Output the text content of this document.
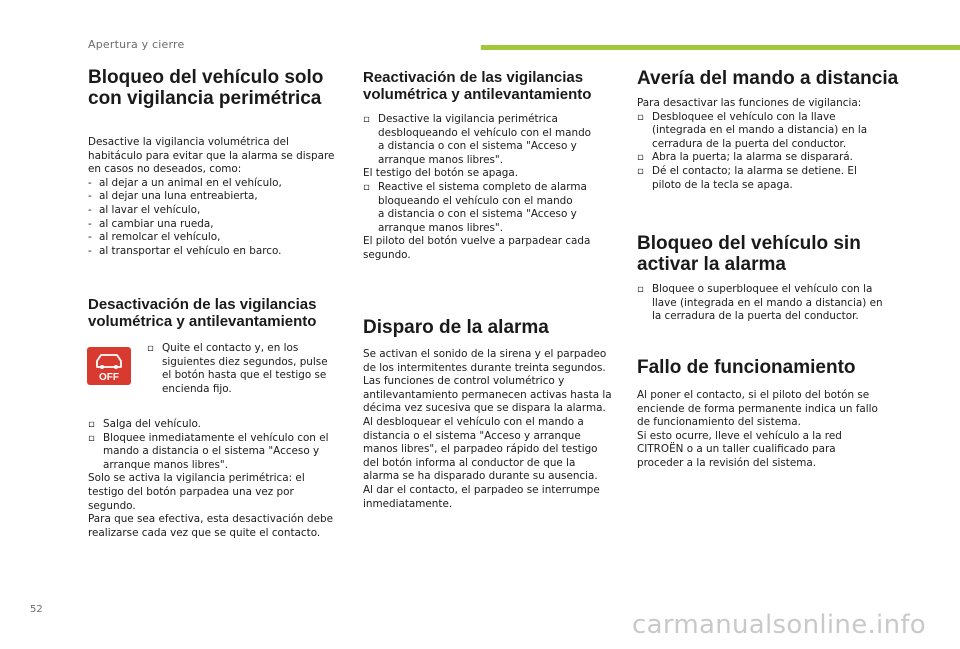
Apertura y cierre
Bloqueo del vehículo solo
con vigilancia perimétrica
Desactive la vigilancia volumétrica del
habitáculo para evitar que la alarma se dispare
en casos no deseados, como:
- al dejar a un animal en el vehículo,
- al dejar una luna entreabierta,
- al lavar el vehículo,
- al cambiar una rueda,
- al remolcar el vehículo,
- al transportar el vehículo en barco.
Desactivación de las vigilancias
volumétrica y antilevantamiento
OFF
▫ Quite el contacto y, en los
siguientes diez segundos, pulse
el botón hasta que el testigo se
encienda fijo.
▫ Salga del vehículo.
▫ Bloquee inmediatamente el vehículo con el
mando a distancia o el sistema "Acceso y
arranque manos libres".
Solo se activa la vigilancia perimétrica: el
testigo del botón parpadea una vez por
segundo.
Para que sea efectiva, esta desactivación debe
realizarse cada vez que se quite el contacto.
Reactivación de las vigilancias
volumétrica y antilevantamiento
▫ Desactive la vigilancia perimétrica
desbloqueando el vehículo con el mando
a distancia o con el sistema "Acceso y
arranque manos libres".
El testigo del botón se apaga.
▫ Reactive el sistema completo de alarma
bloqueando el vehículo con el mando
a distancia o con el sistema "Acceso y
arranque manos libres".
El piloto del botón vuelve a parpadear cada
segundo.
Disparo de la alarma
Se activan el sonido de la sirena y el parpadeo
de los intermitentes durante treinta segundos.
Las funciones de control volumétrico y
antilevantamiento permanecen activas hasta la
décima vez sucesiva que se dispara la alarma.
Al desbloquear el vehículo con el mando a
distancia o el sistema "Acceso y arranque
manos libres", el parpadeo rápido del testigo
del botón informa al conductor de que la
alarma se ha disparado durante su ausencia.
Al dar el contacto, el parpadeo se interrumpe
inmediatamente.
Avería del mando a distancia
Para desactivar las funciones de vigilancia:
▫ Desbloquee el vehículo con la llave
(integrada en el mando a distancia) en la
cerradura de la puerta del conductor.
▫ Abra la puerta; la alarma se disparará.
▫ Dé el contacto; la alarma se detiene. El
piloto de la tecla se apaga.
Bloqueo del vehículo sin
activar la alarma
▫ Bloquee o superbloquee el vehículo con la
llave (integrada en el mando a distancia) en
la cerradura de la puerta del conductor.
Fallo de funcionamiento
Al poner el contacto, si el piloto del botón se
enciende de forma permanente indica un fallo
de funcionamiento del sistema.
Si esto ocurre, lleve el vehículo a la red
CITROËN o a un taller cualificado para
proceder a la revisión del sistema.
52
carmanualsonline.info
